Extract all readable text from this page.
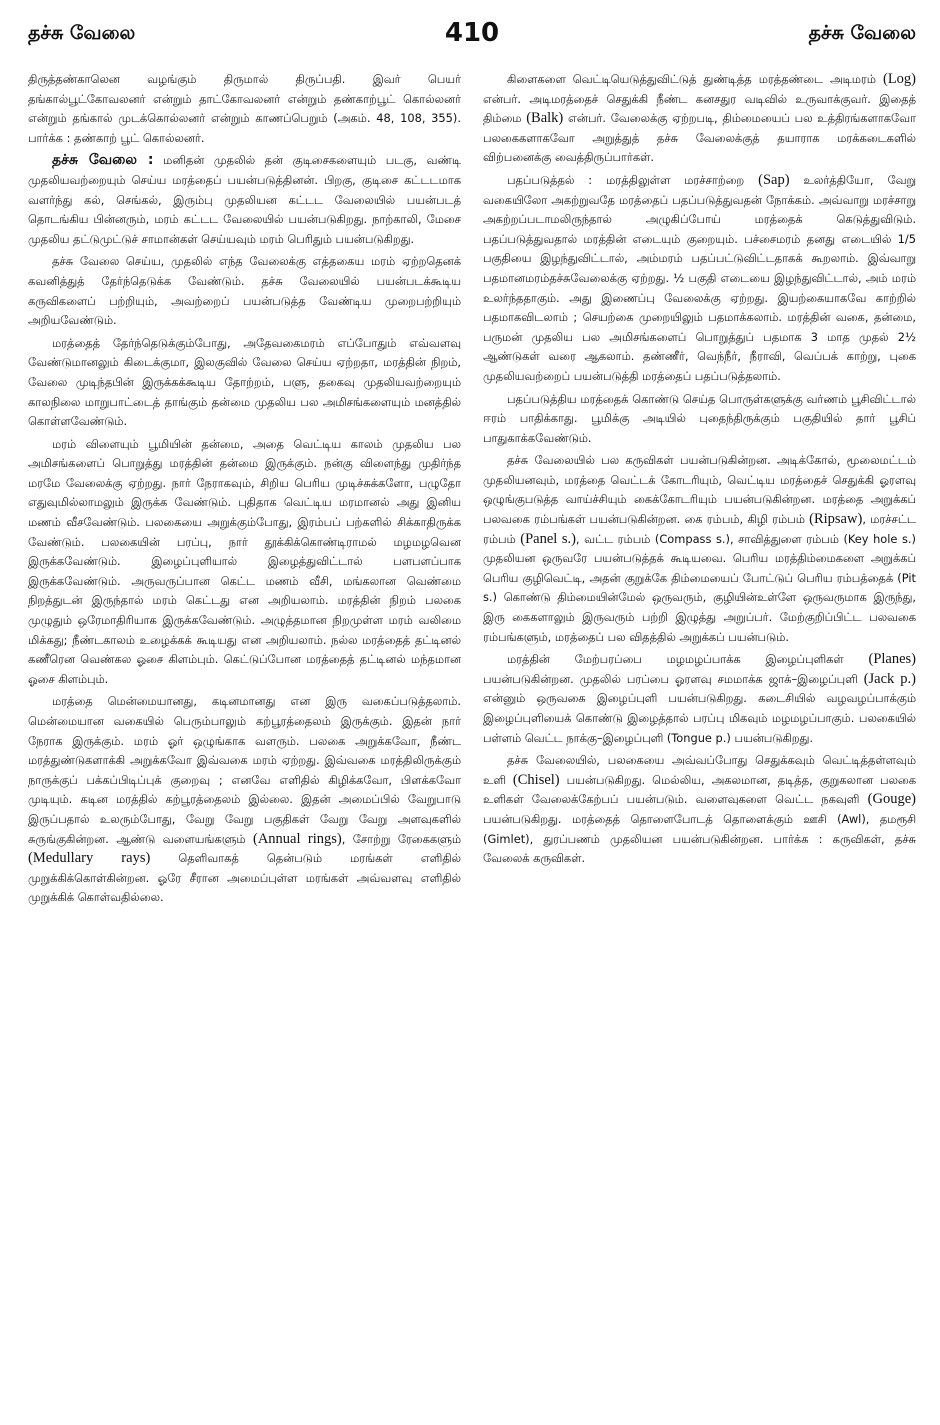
தச்சு வேலை	410	தச்சு வேலை

திருத்தண்காலென வழங்கும் திருமால் திருப்பதி. இவர் பெயர் தங்கால்பூட்கோவலனர் என்றும் தாட்கோவலனர் என்றும் தண்காற்பூட் கொல்லனர் என்றும் தங்கால் முடக்கொல்லனர் என்றும் காணப்பெறும் (அகம். 48, 108, 355). பார்க்க : தண்காற் பூட் கொல்லனர்.

தச்சு வேலை : மனிதன் முதலில் தன் குடிசைகளையும் படகு, வண்டி முதலியவற்றையும் செய்ய மரத்தைப் பயன்படுத்தினன். பிறகு, குடிசை கட்டடமாக வளர்ந்து கல், செங்கல், இரும்பு முதலியன கட்டட வேலையில் பயன்படத் தொடங்கிய பின்னரும், மரம் கட்டட வேலையில் பயன்படுகிறது. நாற்காலி, மேசை முதலிய தட்டுமுட்டுச் சாமான்கள் செய்யவும் மரம் பெரிதும் பயன்படுகிறது.

தச்சு வேலை செய்ய, முதலில் எந்த வேலைக்கு எத்தகைய மரம் ஏற்றதெனக் கவனித்துத் தேர்ந்தெடுக்க வேண்டும். தச்சு வேலையில் பயன்படக்கூடிய கருவிகளைப் பற்றியும், அவற்றைப் பயன்படுத்த வேண்டிய முறைபற்றியும் அறியவேண்டும்.

மரத்தைத் தேர்ந்தெடுக்கும்போது, அதேவகைமரம் எப்போதும் எவ்வளவு வேண்டுமானலும் கிடைக்குமா, இலகுவில் வேலை செய்ய ஏற்றதா, மரத்தின் நிறம், வேலை முடிந்தபின் இருக்கக்கூடிய தோற்றம், பளு, தகைவு முதலியவற்றையும் காலநிலை மாறுபாட்டைத் தாங்கும் தன்மை முதலிய பல அமிசங்களையும் மனத்தில் கொள்ளவேண்டும்.

மரம் விளையும் பூமியின் தன்மை, அதை வெட்டிய காலம் முதலிய பல அமிசங்களைப் பொறுத்து மரத்தின் தன்மை இருக்கும். நன்கு விளைந்து முதிர்ந்த மரமே வேலைக்கு ஏற்றது. நார் நேராகவும், சிறிய பெரிய முடிச்சுக்களோ, பழுதோ எதுவுமில்லாமலும் இருக்க வேண்டும். புதிதாக வெட்டிய மரமானல் அது இனிய மணம் வீசவேண்டும். பலகையை அறுக்கும்போது, இரம்பப் பற்களில் சிக்காதிருக்க வேண்டும். பலகையின் பரப்பு, நார் தூக்கிக்கொண்டிராமல் மழமழவென இருக்கவேண்டும். இழைப்புளியால் இழைத்துவிட்டால் பளபளப்பாக இருக்கவேண்டும். அருவருப்பான கெட்ட மணம் வீசி, மங்கலான வெண்மை நிறத்துடன் இருந்தால் மரம் கெட்டது என அறியலாம். மரத்தின் நிறம் பலகை முழுதும் ஒரேமாதிரியாக இருக்கவேண்டும். அழுத்தமான நிறமுள்ள மரம் வலிமை மிக்கது; நீண்டகாலம் உழைக்கக் கூடியது என அறியலாம். நல்ல மரத்தைத் தட்டினல் கணீரென வெண்கல ஓசை கிளம்பும். கெட்டுப்போன மரத்தைத் தட்டினல் மந்தமான ஓசை கிளம்பும்.

மரத்தை மென்மையானது, கடினமானது என இரு வகைப்படுத்தலாம். மென்மையான வகையில் பெரும்பாலும் கற்பூரத்தைலம் இருக்கும். இதன் நார் நேராக இருக்கும். மரம் ஓர் ஒழுங்காக வளரும். பலகை அறுக்கவோ, நீண்ட மரத்துண்டுகளாக்கி அறுக்கவோ இவ்வகை மரம் ஏற்றது. இவ்வகை மரத்திலிருக்கும் நாருக்குப் பக்கப்பிடிப்புக் குறைவு ; எனவே எளிதில் கிழிக்கவோ, பிளக்கவோ முடியும். கடின மரத்தில் கற்பூரத்தைலம் இல்லை. இதன் அமைப்பில் வேறுபாடு இருப்பதால் உலரும்போது, வேறு வேறு பகுதிகள் வேறு வேறு அளவுகளில் சுருங்குகின்றன. ஆண்டு வளையங்களும் (Annual rings), சோற்று ரேகைகளும் (Medullary rays) தெளிவாகத் தென்படும் மரங்கள் எளிதில் முறுக்கிக்கொள்கின்றன. ஓரே சீரான அமைப்புள்ள மரங்கள் அவ்வளவு எளிதில் முறுக்கிக் கொள்வதில்லை.

கிளைகளை வெட்டியெடுத்துவிட்டுத் துண்டித்த மரத்தண்டை அடிமரம் (Log) என்பர். அடிமரத்தைச் செதுக்கி நீண்ட கனசதுர வடிவில் உருவாக்குவர். இதைத் திம்மை (Balk) என்பர். வேலைக்கு ஏற்றபடி, திம்மையைப் பல உத்திரங்களாகவோ பலகைகளாகவோ அறுத்துத் தச்சு வேலைக்குத் தயாராக மரக்கடைகளில் விற்பனைக்கு வைத்திருப்பார்கள்.

பதப்படுத்தல் : மரத்திலுள்ள மரச்சாற்றை (Sap) உலர்த்தியோ, வேறு வகையிலோ அகற்றுவதே மரத்தைப் பதப்படுத்துவதன் நோக்கம். அவ்வாறு மரச்சாறு அகற்றப்படாமலிருந்தால் அழுகிப்போய் மரத்தைக் கெடுத்துவிடும். பதப்படுத்துவதால் மரத்தின் எடையும் குறையும். பச்சைமரம் தனது எடையில் 1/5 பகுதியை இழந்துவிட்டால், அம்மரம் பதப்பட்டுவிட்டதாகக் கூறலாம். இவ்வாறு பதமானமரம்தச்சுவேலைக்கு ஏற்றது. ½ பகுதி எடையை இழந்துவிட்டால், அம் மரம் உலர்ந்ததாகும். அது இணைப்பு வேலைக்கு ஏற்றது. இயற்கையாகவே காற்றில் பதமாகவிடலாம் ; செயற்கை முறையிலும் பதமாக்கலாம். மரத்தின் வகை, தன்மை, பருமன் முதலிய பல அமிசங்களைப் பொறுத்துப் பதமாக 3 மாத முதல் 2½ ஆண்டுகள் வரை ஆகலாம். தண்ணீர், வெந்நீர், நீராவி, வெப்பக் காற்று, புகை முதலியவற்றைப் பயன்படுத்தி மரத்தைப் பதப்படுத்தலாம்.

பதப்படுத்திய மரத்தைக் கொண்டு செய்த பொருள்களுக்கு வர்ணம் பூசிவிட்டால் ஈரம் பாதிக்காது. பூமிக்கு அடியில் புதைந்திருக்கும் பகுதியில் தார் பூசிப் பாதுகாக்கவேண்டும்.

தச்சு வேலையில் பல கருவிகள் பயன்படுகின்றன. அடிக்கோல், மூலைமட்டம் முதலியனவும், மரத்தை வெட்டக் கோடரியும், வெட்டிய மரத்தைச் செதுக்கி ஓரளவு ஒழுங்குபடுத்த வாய்ச்சியும் கைக்கோடரியும் பயன்படுகின்றன. மரத்தை அறுக்கப் பலவகை ரம்பங்கள் பயன்படுகின்றன. கை ரம்பம், கிழி ரம்பம் (Ripsaw), மரச்சட்ட ரம்பம் (Panel s.), வட்ட ரம்பம் (Compass s.), சாவித்துளை ரம்பம் (Key hole s.) முதலியன ஒருவரே பயன்படுத்தக் கூடியவை. பெரிய மரத்திம்மைகளை அறுக்கப் பெரிய குழிவெட்டி, அதன் குறுக்கே திம்மையைப் போட்டுப் பெரிய ரம்பத்தைக் (Pit s.) கொண்டு திம்மையின்மேல் ஒருவரும், குழியின்உள்ளே ஒருவருமாக இருந்து, இரு கைகளாலும் இருவரும் பற்றி இழுத்து அறுப்பர். மேற்குறிப்பிட்ட பலவகை ரம்பங்களும், மரத்தைப் பல விதத்தில் அறுக்கப் பயன்படும்.

மரத்தின் மேற்பரப்பை மழமழப்பாக்க இழைப்புளிகள் (Planes) பயன்படுகின்றன. முதலில் பரப்பை ஓரளவு சமமாக்க ஜாக்–இழைப்புளி (Jack p.) என்னும் ஒருவகை இழைப்புளி பயன்படுகிறது. கடைசியில் வழவழப்பாக்கும் இழைப்புளியைக் கொண்டு இழைத்தால் பரப்பு மிகவும் மழமழப்பாகும். பலகையில் பள்ளம் வெட்ட நாக்கு–இழைப்புளி (Tongue p.) பயன்படுகிறது.

தச்சு வேலையில், பலகையை அவ்வப்போது செதுக்கவும் வெட்டித்தள்ளவும் உளி (Chisel) பயன்படுகிறது. மெல்லிய, அகலமான, தடித்த, குறுகலான பலகை உளிகள் வேலைக்கேற்பப் பயன்படும். வளைவுகளை வெட்ட நகவுளி (Gouge) பயன்படுகிறது. மரத்தைத் தொளைபோடத் தொளைக்கும் ஊசி (Awl), தமரூசி (Gimlet), துரப்பணம் முதலியன பயன்படுகின்றன. பார்க்க : கருவிகள், தச்சு வேலைக் கருவிகள்.
